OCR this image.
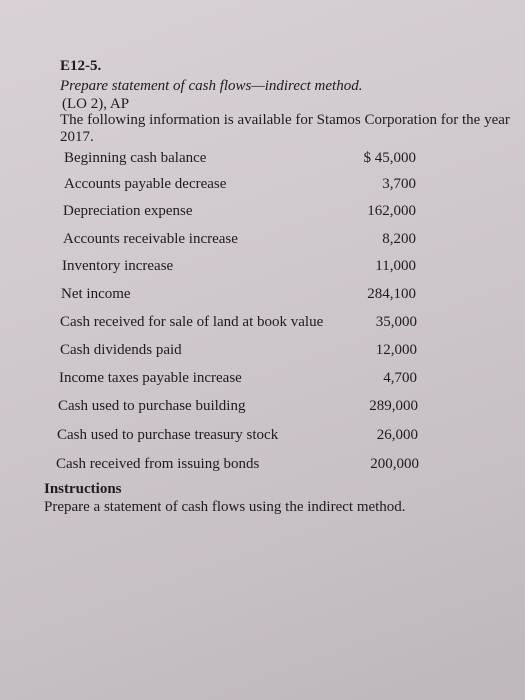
E12-5.
Prepare statement of cash flows—indirect method.
(LO 2), AP
The following information is available for Stamos Corporation for the year 2017.
Beginning cash balance	$ 45,000
Accounts payable decrease	3,700
Depreciation expense	162,000
Accounts receivable increase	8,200
Inventory increase	11,000
Net income	284,100
Cash received for sale of land at book value	35,000
Cash dividends paid	12,000
Income taxes payable increase	4,700
Cash used to purchase building	289,000
Cash used to purchase treasury stock	26,000
Cash received from issuing bonds	200,000
Instructions
Prepare a statement of cash flows using the indirect method.
